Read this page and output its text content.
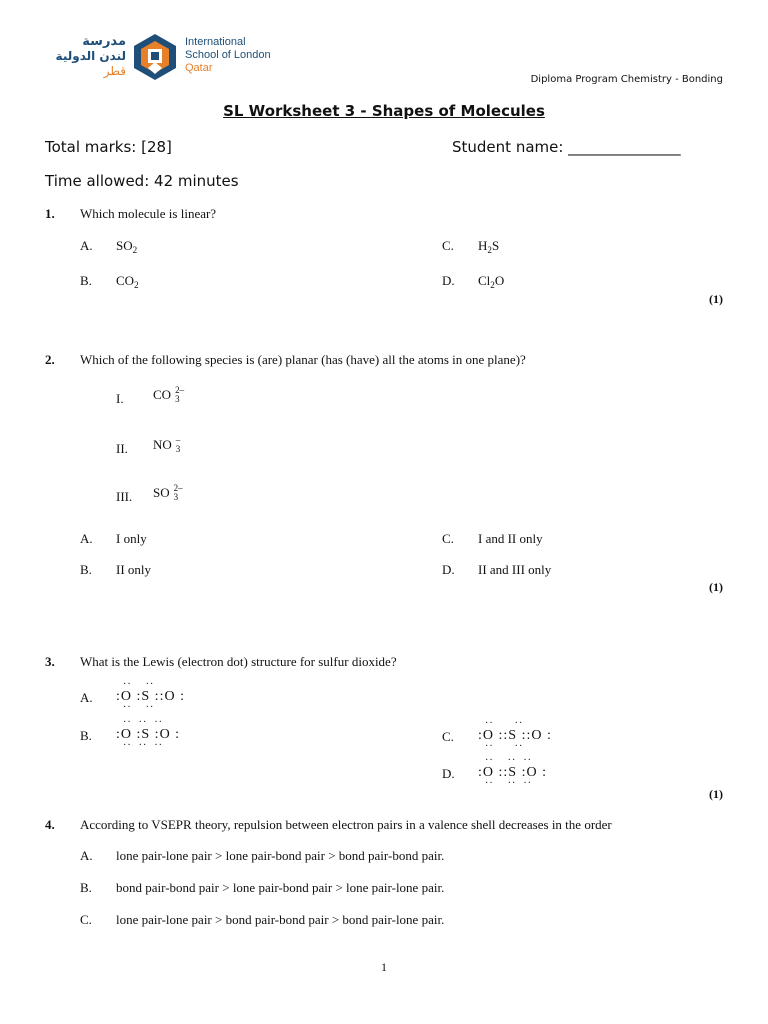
مدرسة
لندن الدولية
قطر
International
School of London
Qatar
Diploma Program Chemistry - Bonding
SL Worksheet 3 - Shapes of Molecules
Total marks: [28]	Student name: _______________
Time allowed: 42 minutes
1. Which molecule is linear?
A. $SO_2$
B. $CO_2$
C. $H_2S$
D. $Cl_2O$
(1)
2. Which of the following species is (are) planar (has (have) all the atoms in one plane)?
I. CO 2–
3
II. NO –
3
III. SO 2–
3
A. I only
B. II only
C. I and II only
D. II and III only
(1)
3. What is the Lewis (electron dot) structure for sulfur dioxide?
A.
··    ··
:O :S ::O :
··    ··
B.
··  ··  ··
:O :S :O :
··  ··  ··
C.
··      ··
:O ::S ::O :
··      ··
D.
··    ··  ··
:O ::S :O :
··    ··  ··
(1)
4. According to VSEPR theory, repulsion between electron pairs in a valence shell decreases in the order
A. lone pair-lone pair > lone pair-bond pair > bond pair-bond pair.
B. bond pair-bond pair > lone pair-bond pair > lone pair-lone pair.
C. lone pair-lone pair > bond pair-bond pair > bond pair-lone pair.
1
